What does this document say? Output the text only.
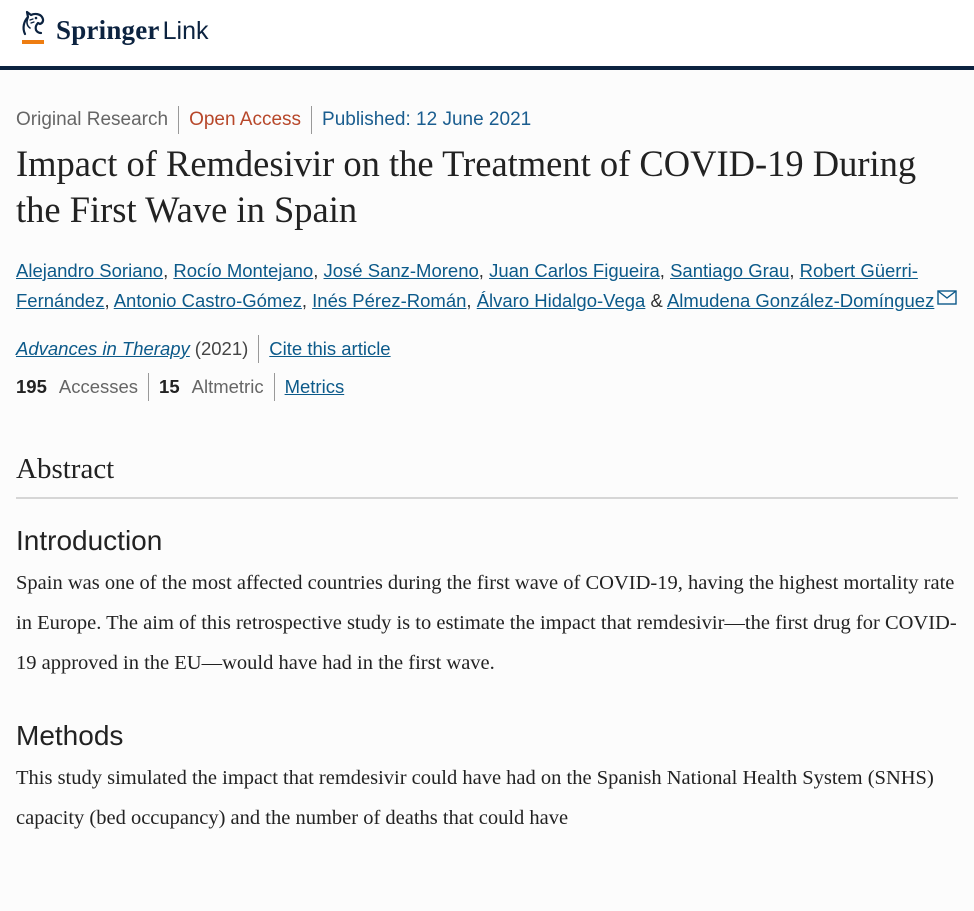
Springer Link
Original Research	Open Access	Published: 12 June 2021
Impact of Remdesivir on the Treatment of COVID-19 During the First Wave in Spain
Alejandro Soriano, Rocío Montejano, José Sanz-Moreno, Juan Carlos Figueira, Santiago Grau, Robert Güerri-Fernández, Antonio Castro-Gómez, Inés Pérez-Román, Álvaro Hidalgo-Vega & Almudena González-Domínguez
Advances in Therapy (2021) Cite this article
195 Accesses 15 Altmetric Metrics
Abstract
Introduction

Spain was one of the most affected countries during the first wave of COVID-19, having the highest mortality rate in Europe. The aim of this retrospective study is to estimate the impact that remdesivir—the first drug for COVID-19 approved in the EU—would have had in the first wave.

Methods

This study simulated the impact that remdesivir could have had on the Spanish National Health System (SNHS) capacity (bed occupancy) and the number of deaths that could have
